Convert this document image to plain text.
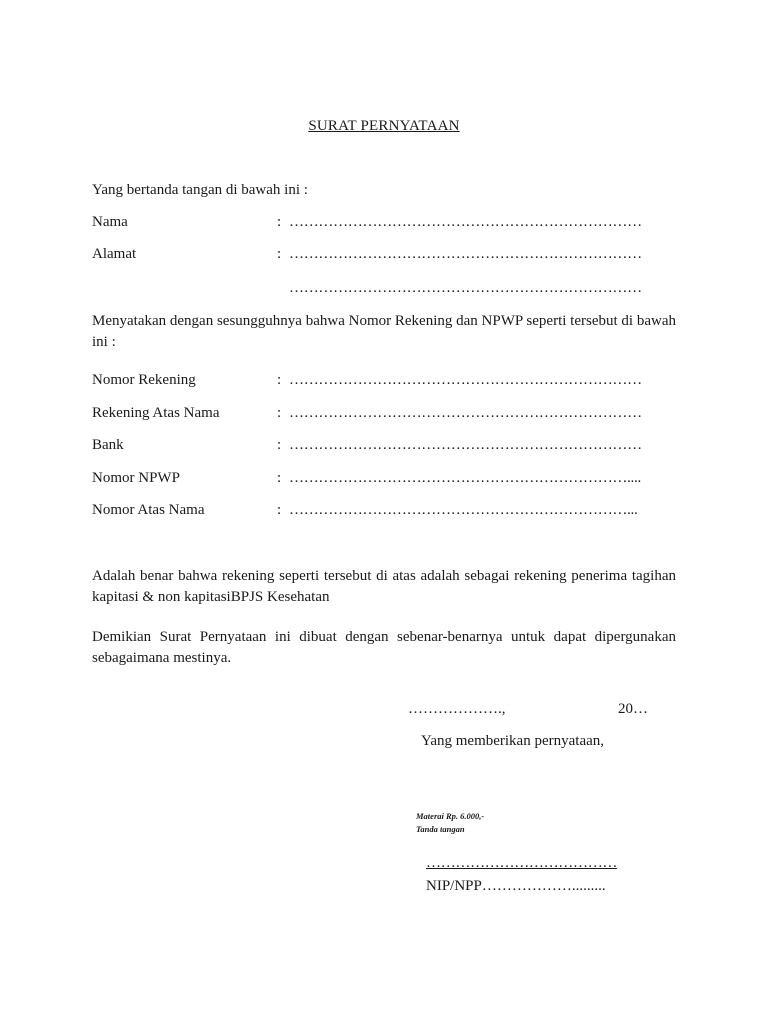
SURAT PERNYATAAN
Yang bertanda tangan di bawah ini :
Nama	: ………………………………………………………………
Alamat	: ………………………………………………………………
………………………………………………………………
Menyatakan dengan sesungguhnya bahwa Nomor Rekening dan NPWP seperti tersebut di bawah ini :
Nomor Rekening	: ………………………………………………………………
Rekening Atas Nama	: ………………………………………………………………
Bank	: ………………………………………………………………
Nomor NPWP	: ……………………………………………………………....
Nomor Atas Nama	: ……………………………………………………………...
Adalah benar bahwa rekening seperti tersebut di atas adalah sebagai rekening penerima tagihan kapitasi & non kapitasiBPJS Kesehatan
Demikian Surat Pernyataan ini dibuat dengan sebenar-benarnya untuk dapat dipergunakan sebagaimana mestinya.
……………….,	20…
Yang memberikan pernyataan,
Materai Rp. 6.000,-
Tanda tangan
…………………………………
NIP/NPP……………….........
